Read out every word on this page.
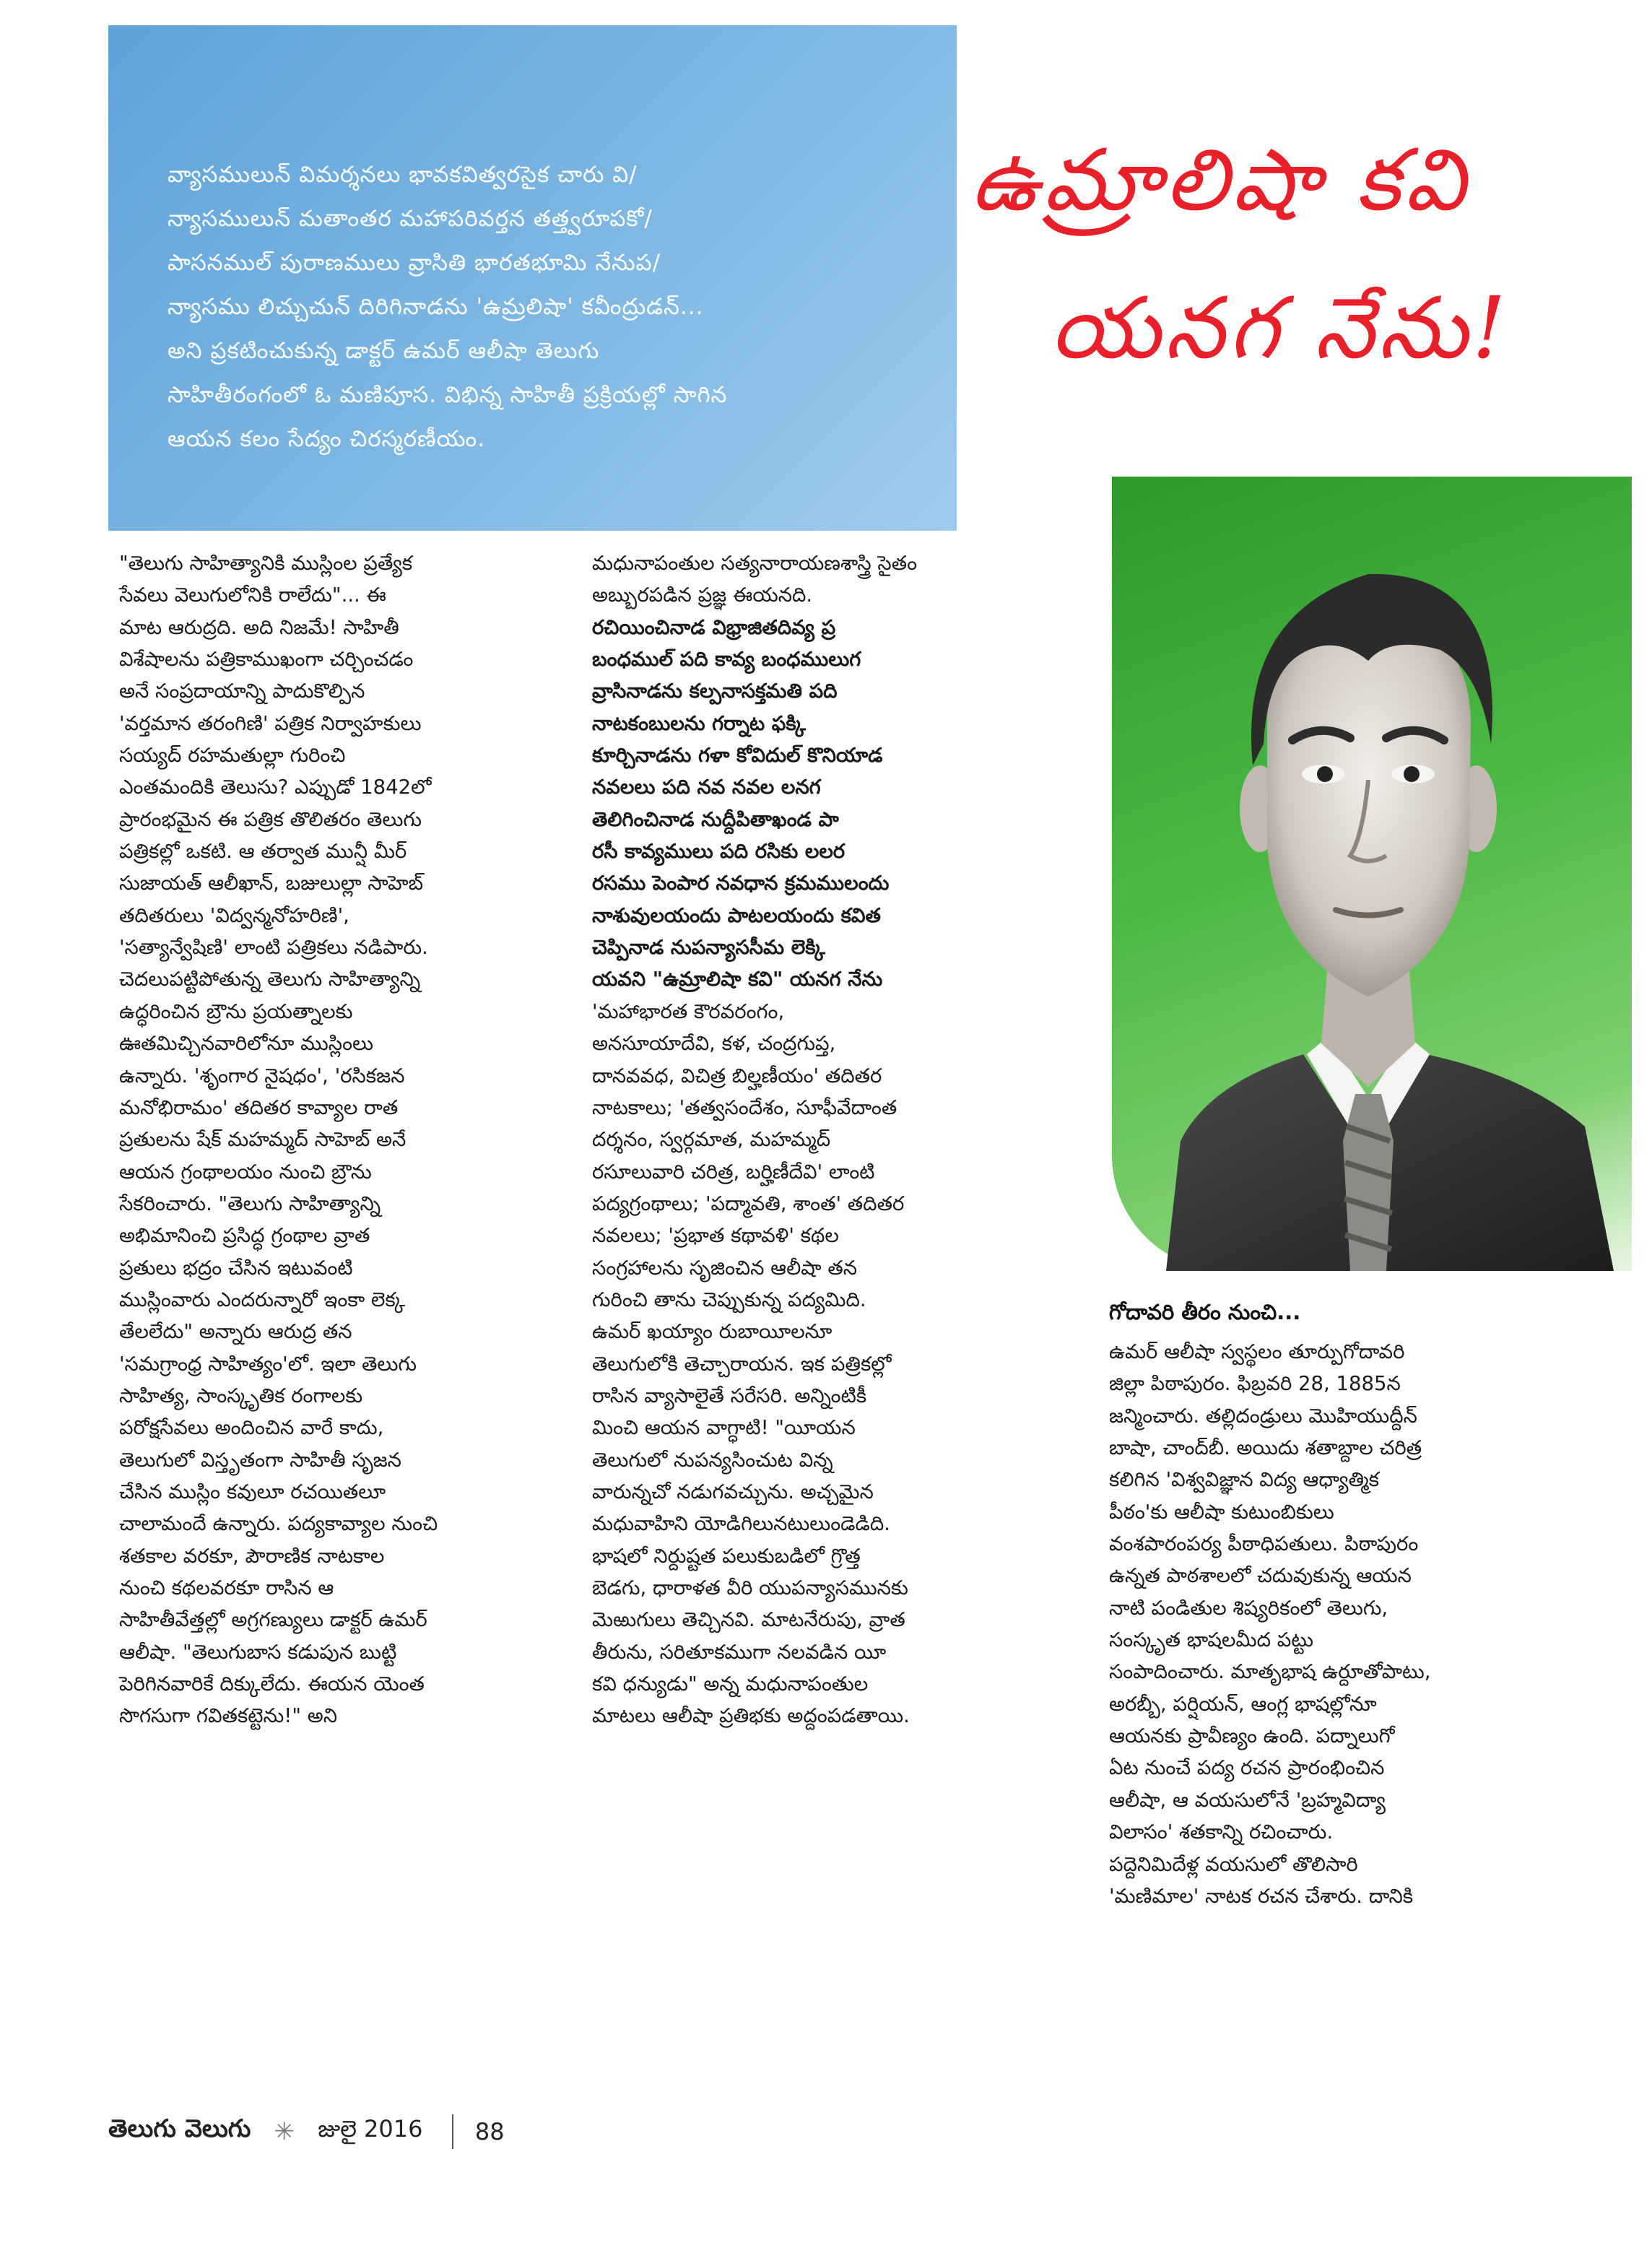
వ్యాసములున్ విమర్శనలు భావకవిత్వరసైక చారు వి/
న్యాసములున్ మతాంతర మహాపరివర్తన తత్త్వరూపకో/
పాసనముల్ పురాణములు వ్రాసితి భారతభూమి నేనుప/
న్యాసము లిచ్చుచున్ దిరిగినాడను 'ఉమ్రలిషా' కవీంద్రుడన్...
అని ప్రకటించుకున్న డాక్టర్ ఉమర్ ఆలీషా తెలుగు
సాహితీరంగంలో ఓ మణిపూస. విభిన్న సాహితీ ప్రక్రియల్లో సాగిన
ఆయన కలం సేద్యం చిరస్మరణీయం.
ఉమ్రాలిషా కవి
యనగ నేను!
"తెలుగు సాహిత్యానికి ముస్లింల ప్రత్యేక
సేవలు వెలుగులోనికి రాలేదు"... ఈ
మాట ఆరుద్రది. అది నిజమే! సాహితీ
విశేషాలను పత్రికాముఖంగా చర్చించడం
అనే సంప్రదాయాన్ని పాదుకొల్పిన
'వర్తమాన తరంగిణి' పత్రిక నిర్వాహకులు
సయ్యద్ రహమతుల్లా గురించి
ఎంతమందికి తెలుసు? ఎప్పుడో 1842లో
ప్రారంభమైన ఈ పత్రిక తొలితరం తెలుగు
పత్రికల్లో ఒకటి. ఆ తర్వాత మున్షీ మీర్
సుజాయత్ ఆలీఖాన్, బజులుల్లా సాహెబ్
తదితరులు 'విద్వన్మనోహరిణి',
'సత్యాన్వేషిణి' లాంటి పత్రికలు నడిపారు.
చెదలుపట్టిపోతున్న తెలుగు సాహిత్యాన్ని
ఉద్ధరించిన బ్రౌను ప్రయత్నాలకు
ఊతమిచ్చినవారిలోనూ ముస్లింలు
ఉన్నారు. 'శృంగార నైషధం', 'రసికజన
మనోభిరామం' తదితర కావ్యాల రాత
ప్రతులను షేక్ మహమ్మద్ సాహెబ్ అనే
ఆయన గ్రంథాలయం నుంచి బ్రౌను
సేకరించారు. "తెలుగు సాహిత్యాన్ని
అభిమానించి ప్రసిద్ధ గ్రంథాల వ్రాత
ప్రతులు భద్రం చేసిన ఇటువంటి
ముస్లింవారు ఎందరున్నారో ఇంకా లెక్క
తేలలేదు" అన్నారు ఆరుద్ర తన
'సమగ్రాంధ్ర సాహిత్యం'లో. ఇలా తెలుగు
సాహిత్య, సాంస్కృతిక రంగాలకు
పరోక్షసేవలు అందించిన వారే కాదు,
తెలుగులో విస్తృతంగా సాహితీ సృజన
చేసిన ముస్లిం కవులూ రచయితలూ
చాలామందే ఉన్నారు. పద్యకావ్యాల నుంచి
శతకాల వరకూ, పౌరాణిక నాటకాల
నుంచి కథలవరకూ రాసిన ఆ
సాహితీవేత్తల్లో అగ్రగణ్యులు డాక్టర్ ఉమర్
ఆలీషా. "తెలుగుబాస కడుపున బుట్టి
పెరిగినవారికే దిక్కులేదు. ఈయన యెంత
సొగసుగా గవితకట్టెను!" అని
మధునాపంతుల సత్యనారాయణశాస్త్రి సైతం
అబ్బురపడిన ప్రజ్ఞ ఈయనది.
రచియించినాడ విభ్రాజితదివ్య ప్ర
బంధముల్ పది కావ్య బంధములుగ
వ్రాసినాడను కల్పనాసక్తమతి పది
నాటకంబులను గర్నాట ఫక్కి
కూర్చినాడను గళా కోవిదుల్ కొనియాడ
నవలలు పది నవ నవల లనగ
తెలిగించినాడ నుద్దీపితాఖండ పా
రసీ కావ్యములు పది రసికు లలర
రసము పెంపార నవధాన క్రమములందు
నాశువులయందు పాటలయందు కవిత
చెప్పినాడ నుపన్యాససీమ లెక్కి
యవని "ఉమ్రాలిషా కవి" యనగ నేను
'మహాభారత కౌరవరంగం,
అనసూయాదేవి, కళ, చంద్రగుప్త,
దానవవధ, విచిత్ర బిల్హణీయం' తదితర
నాటకాలు; 'తత్వసందేశం, సూఫీవేదాంత
దర్శనం, స్వర్గమాత, మహమ్మద్
రసూలువారి చరిత్ర, బర్హిణీదేవి' లాంటి
పద్యగ్రంథాలు; 'పద్మావతి, శాంత' తదితర
నవలలు; 'ప్రభాత కథావళి' కథల
సంగ్రహాలను సృజించిన ఆలీషా తన
గురించి తాను చెప్పుకున్న పద్యమిది.
ఉమర్ ఖయ్యాం రుబాయీలనూ
తెలుగులోకి తెచ్చారాయన. ఇక పత్రికల్లో
రాసిన వ్యాసాలైతే సరేసరి. అన్నింటికీ
మించి ఆయన వాగ్ధాటి! "యీయన
తెలుగులో నుపన్యసించుట విన్న
వారున్నచో నడుగవచ్చును. అచ్చమైన
మధువాహిని యోడిగిలునటులుండెడిది.
భాషలో నిర్దుష్టత పలుకుబడిలో గ్రొత్త
బెడగు, ధారాళత వీరి యుపన్యాసమునకు
మెఱుగులు తెచ్చినవి. మాటనేరుపు, వ్రాత
తీరును, సరితూకముగా నలవడిన యీ
కవి ధన్యుడు" అన్న మధునాపంతుల
మాటలు ఆలీషా ప్రతిభకు అద్దంపడతాయి.
గోదావరి తీరం నుంచి...
ఉమర్ ఆలీషా స్వస్థలం తూర్పుగోదావరి
జిల్లా పిఠాపురం. ఫిబ్రవరి 28, 1885న
జన్మించారు. తల్లిదండ్రులు మొహియుద్దీన్
బాషా, చాంద్‌బీ. అయిదు శతాబ్దాల చరిత్ర
కలిగిన 'విశ్వవిజ్ఞాన విద్య ఆధ్యాత్మిక
పీఠం'కు ఆలీషా కుటుంబికులు
వంశపారంపర్య పీఠాధిపతులు. పిఠాపురం
ఉన్నత పాఠశాలలో చదువుకున్న ఆయన
నాటి పండితుల శిష్యరికంలో తెలుగు,
సంస్కృత భాషలమీద పట్టు
సంపాదించారు. మాతృభాష ఉర్దూతోపాటు,
అరబ్బీ, పర్షియన్, ఆంగ్ల భాషల్లోనూ
ఆయనకు ప్రావీణ్యం ఉంది. పద్నాలుగో
ఏట నుంచే పద్య రచన ప్రారంభించిన
ఆలీషా, ఆ వయసులోనే 'బ్రహ్మవిద్యా
విలాసం' శతకాన్ని రచించారు.
పద్దెనిమిదేళ్ల వయసులో తొలిసారి
'మణిమాల' నాటక రచన చేశారు. దానికి
తెలుగు వెలుగు ✳ జులై 2016 88
